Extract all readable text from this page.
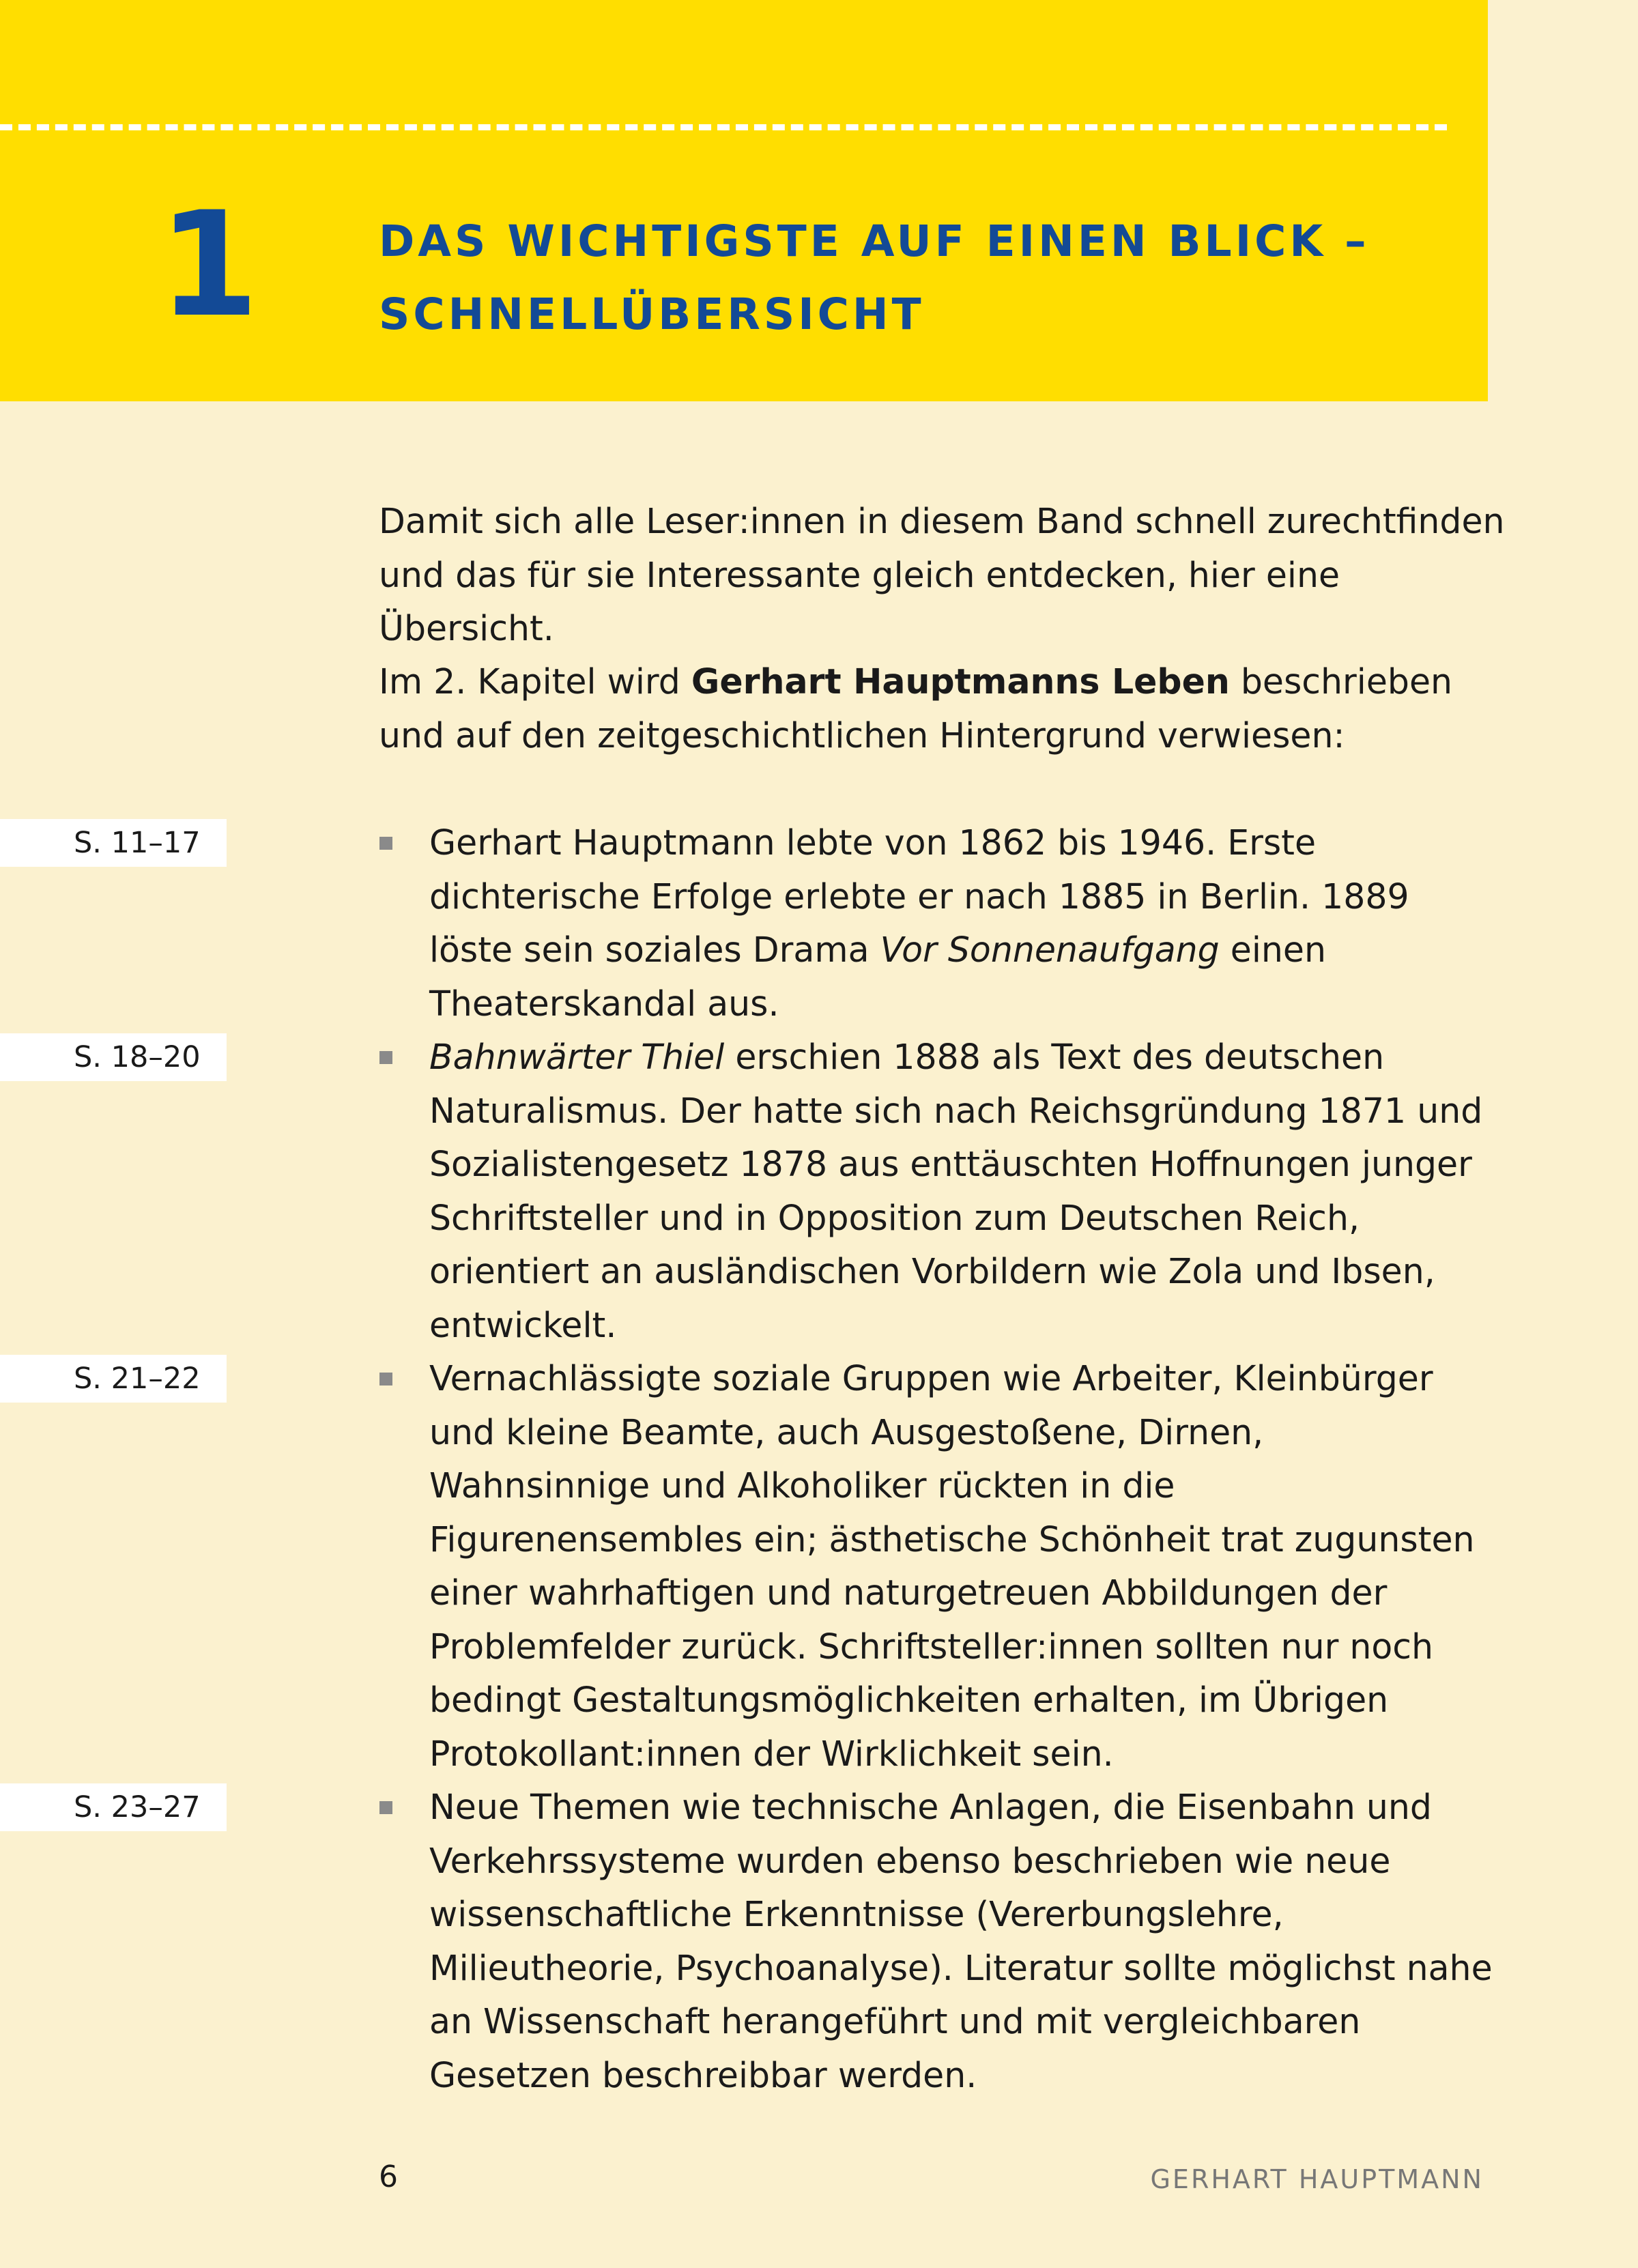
1	DAS WICHTIGSTE AUF EINEN BLICK –
SCHNELLÜBERSICHT

Damit sich alle Leser:innen in diesem Band schnell zurechtfinden und das für sie Interessante gleich entdecken, hier eine Übersicht.

Im 2. Kapitel wird Gerhart Hauptmanns Leben beschrieben und auf den zeitgeschichtlichen Hintergrund verwiesen:

S. 11–17	Gerhart Hauptmann lebte von 1862 bis 1946. Erste dichterische Erfolge erlebte er nach 1885 in Berlin. 1889 löste sein soziales Drama Vor Sonnenaufgang einen Theaterskandal aus.
S. 18–20	Bahnwärter Thiel erschien 1888 als Text des deutschen Naturalismus. Der hatte sich nach Reichsgründung 1871 und Sozialistengesetz 1878 aus enttäuschten Hoffnungen junger Schriftsteller und in Opposition zum Deutschen Reich, orientiert an ausländischen Vorbildern wie Zola und Ibsen, entwickelt.
S. 21–22	Vernachlässigte soziale Gruppen wie Arbeiter, Kleinbürger und kleine Beamte, auch Ausgestoßene, Dirnen, Wahnsinnige und Alkoholiker rückten in die Figurenensembles ein; ästhetische Schönheit trat zugunsten einer wahrhaftigen und naturgetreuen Abbildungen der Problemfelder zurück. Schriftsteller:innen sollten nur noch bedingt Gestaltungsmöglichkeiten erhalten, im Übrigen Protokollant:innen der Wirklichkeit sein.
S. 23–27	Neue Themen wie technische Anlagen, die Eisenbahn und Verkehrssysteme wurden ebenso beschrieben wie neue wissenschaftliche Erkenntnisse (Vererbungslehre, Milieutheorie, Psychoanalyse). Literatur sollte möglichst nahe an Wissenschaft herangeführt und mit vergleichbaren Gesetzen beschreibbar werden.
6	GERHART HAUPTMANN
